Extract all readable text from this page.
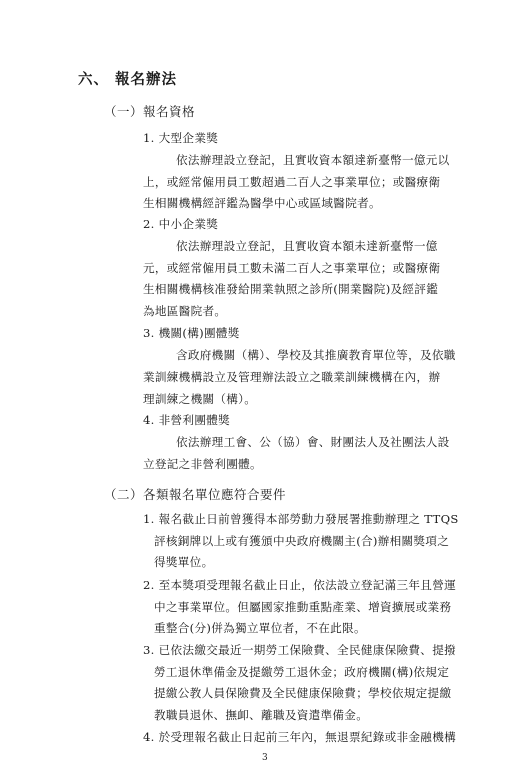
六、 報名辦法
（一）報名資格
1. 大型企業獎
依法辦理設立登記，且實收資本額達新臺幣一億元以
上，或經常僱用員工數超過二百人之事業單位；或醫療衛
生相關機構經評鑑為醫學中心或區域醫院者。
2. 中小企業獎
依法辦理設立登記，且實收資本額未達新臺幣一億
元，或經常僱用員工數未滿二百人之事業單位；或醫療衛
生相關機構核准發給開業執照之診所(開業醫院)及經評鑑
為地區醫院者。
3. 機關(構)團體獎
含政府機關（構）、學校及其推廣教育單位等，及依職
業訓練機構設立及管理辦法設立之職業訓練機構在內，辦
理訓練之機關（構）。
4. 非營利團體獎
依法辦理工會、公（協）會、財團法人及社團法人設
立登記之非營利團體。
（二）各類報名單位應符合要件
1. 報名截止日前曾獲得本部勞動力發展署推動辦理之 TTQS
評核銅牌以上或有獲頒中央政府機關主(合)辦相關獎項之
得獎單位。
2. 至本獎項受理報名截止日止，依法設立登記滿三年且營運
中之事業單位。但屬國家推動重點產業、增資擴展或業務
重整合(分)併為獨立單位者，不在此限。
3. 已依法繳交最近一期勞工保險費、全民健康保險費、提撥
勞工退休準備金及提繳勞工退休金；政府機關(構)依規定
提繳公教人員保險費及全民健康保險費；學校依規定提繳
教職員退休、撫卹、離職及資遣準備金。
4. 於受理報名截止日起前三年內，無退票紀錄或非金融機構
3
